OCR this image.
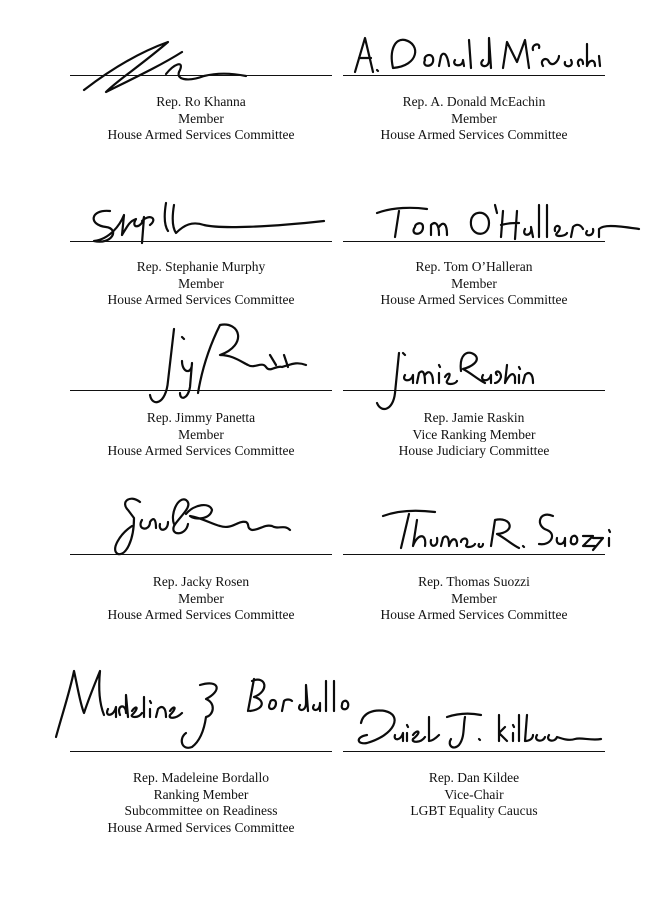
Rep. Ro Khanna
Member
House Armed Services Committee
Rep. A. Donald McEachin
Member
House Armed Services Committee
Rep. Stephanie Murphy
Member
House Armed Services Committee
Rep. Tom O’Halleran
Member
House Armed Services Committee
Rep. Jimmy Panetta
Member
House Armed Services Committee
Rep. Jamie Raskin
Vice Ranking Member
House Judiciary Committee
Rep. Jacky Rosen
Member
House Armed Services Committee
Rep. Thomas Suozzi
Member
House Armed Services Committee
Rep. Madeleine Bordallo
Ranking Member
Subcommittee on Readiness
House Armed Services Committee
Rep. Dan Kildee
Vice-Chair
LGBT Equality Caucus
